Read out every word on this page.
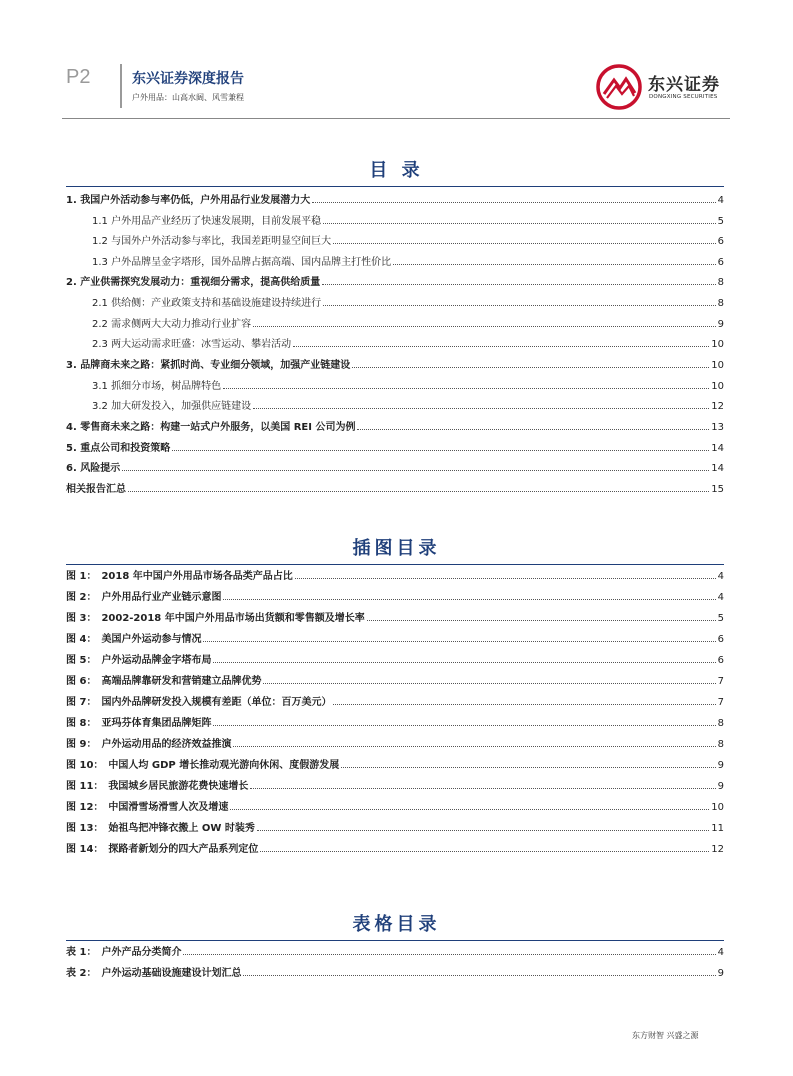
P2	东兴证券深度报告
户外用品：山高水阔、风雪兼程
东兴证券
DONGXING SECURITIES
目 录
1. 我国户外活动参与率仍低，户外用品行业发展潜力大	4
1.1 户外用品产业经历了快速发展期，目前发展平稳	5
1.2 与国外户外活动参与率比，我国差距明显空间巨大	6
1.3 户外品牌呈金字塔形，国外品牌占据高端、国内品牌主打性价比	6
2. 产业供需探究发展动力：重视细分需求，提高供给质量	8
2.1 供给侧：产业政策支持和基础设施建设持续进行	8
2.2 需求侧两大大动力推动行业扩容	9
2.3 两大运动需求旺盛：冰雪运动、攀岩活动	10
3. 品牌商未来之路：紧抓时尚、专业细分领域，加强产业链建设	10
3.1 抓细分市场，树品牌特色	10
3.2 加大研发投入，加强供应链建设	12
4. 零售商未来之路：构建一站式户外服务，以美国 REI 公司为例	13
5. 重点公司和投资策略	14
6. 风险提示	14
相关报告汇总	15
插图目录
图 1：　2018 年中国户外用品市场各品类产品占比	4
图 2：　户外用品行业产业链示意图	4
图 3：　2002-2018 年中国户外用品市场出货额和零售额及增长率	5
图 4：　美国户外运动参与情况	6
图 5：　户外运动品牌金字塔布局	6
图 6：　高端品牌靠研发和营销建立品牌优势	7
图 7：　国内外品牌研发投入规模有差距（单位：百万美元）	7
图 8：　亚玛芬体育集团品牌矩阵	8
图 9：　户外运动用品的经济效益推演	8
图 10：　中国人均 GDP 增长推动观光游向休闲、度假游发展	9
图 11：　我国城乡居民旅游花费快速增长	9
图 12：　中国滑雪场滑雪人次及增速	10
图 13：　始祖鸟把冲锋衣搬上 OW 时装秀	11
图 14：　探路者新划分的四大产品系列定位	12
表格目录
表 1：　户外产品分类简介	4
表 2：　户外运动基础设施建设计划汇总	9
东方财智 兴盛之源
